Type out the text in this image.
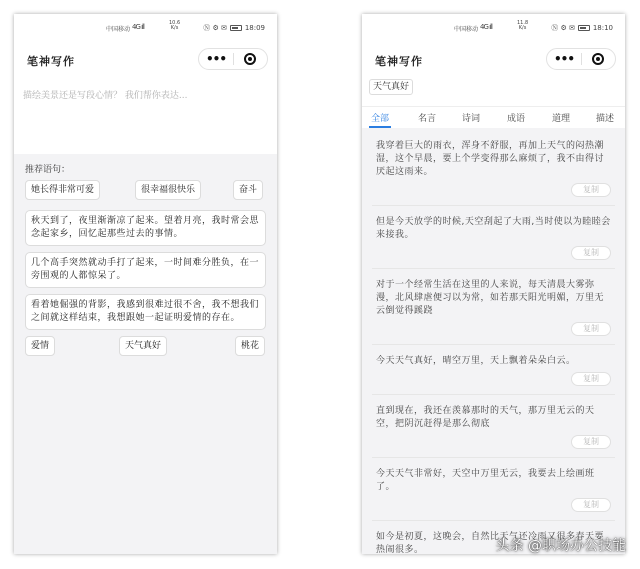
中国移动 4G ıll	10.6
K/s	Ⓝ ⚙ ✉	18:09
笔神写作	•••
描绘美景还是写段心情？ 我们帮你表达...
推荐语句：
她长得非常可爱	很幸福很快乐	奋斗
秋天到了，夜里渐渐凉了起来。望着月亮，我时常会思念起家乡，回忆起那些过去的事情。
几个高手突然就动手打了起来，一时间难分胜负，在一旁围观的人都惊呆了。
看着她倔强的背影，我感到很难过很不舍，我不想我们之间就这样结束，我想跟她一起证明爱情的存在。
爱情	天气真好	桃花
中国移动 4G ıll	11.8
K/s	Ⓝ ⚙ ✉	18:10
笔神写作	•••
天气真好
全部	名言	诗词	成语	道理	描述
我穿着巨大的雨衣，浑身不舒服，再加上天气的闷热潮湿，这个早晨，要上个学变得那么麻烦了，我不由得讨厌起这雨来。
复制
但是今天放学的时候,天空刮起了大雨,当时使以为睦睦会来接我。
复制
对于一个经常生活在这里的人来说，每天清晨大雾弥漫，北风肆虐便习以为常，如若那天阳光明媚，万里无云倒觉得蹊跷
复制
今天天气真好，晴空万里，天上飘着朵朵白云。
复制
直到现在，我还在羡慕那时的天气，那万里无云的天空，把阴沉赶得是那么彻底
复制
今天天气非常好，天空中万里无云，我要去上绘画班了。
复制
如今是初夏，这晚会，自然比天气还冷雨又很多春天要热闹很多。	头条 @职场办公技能
